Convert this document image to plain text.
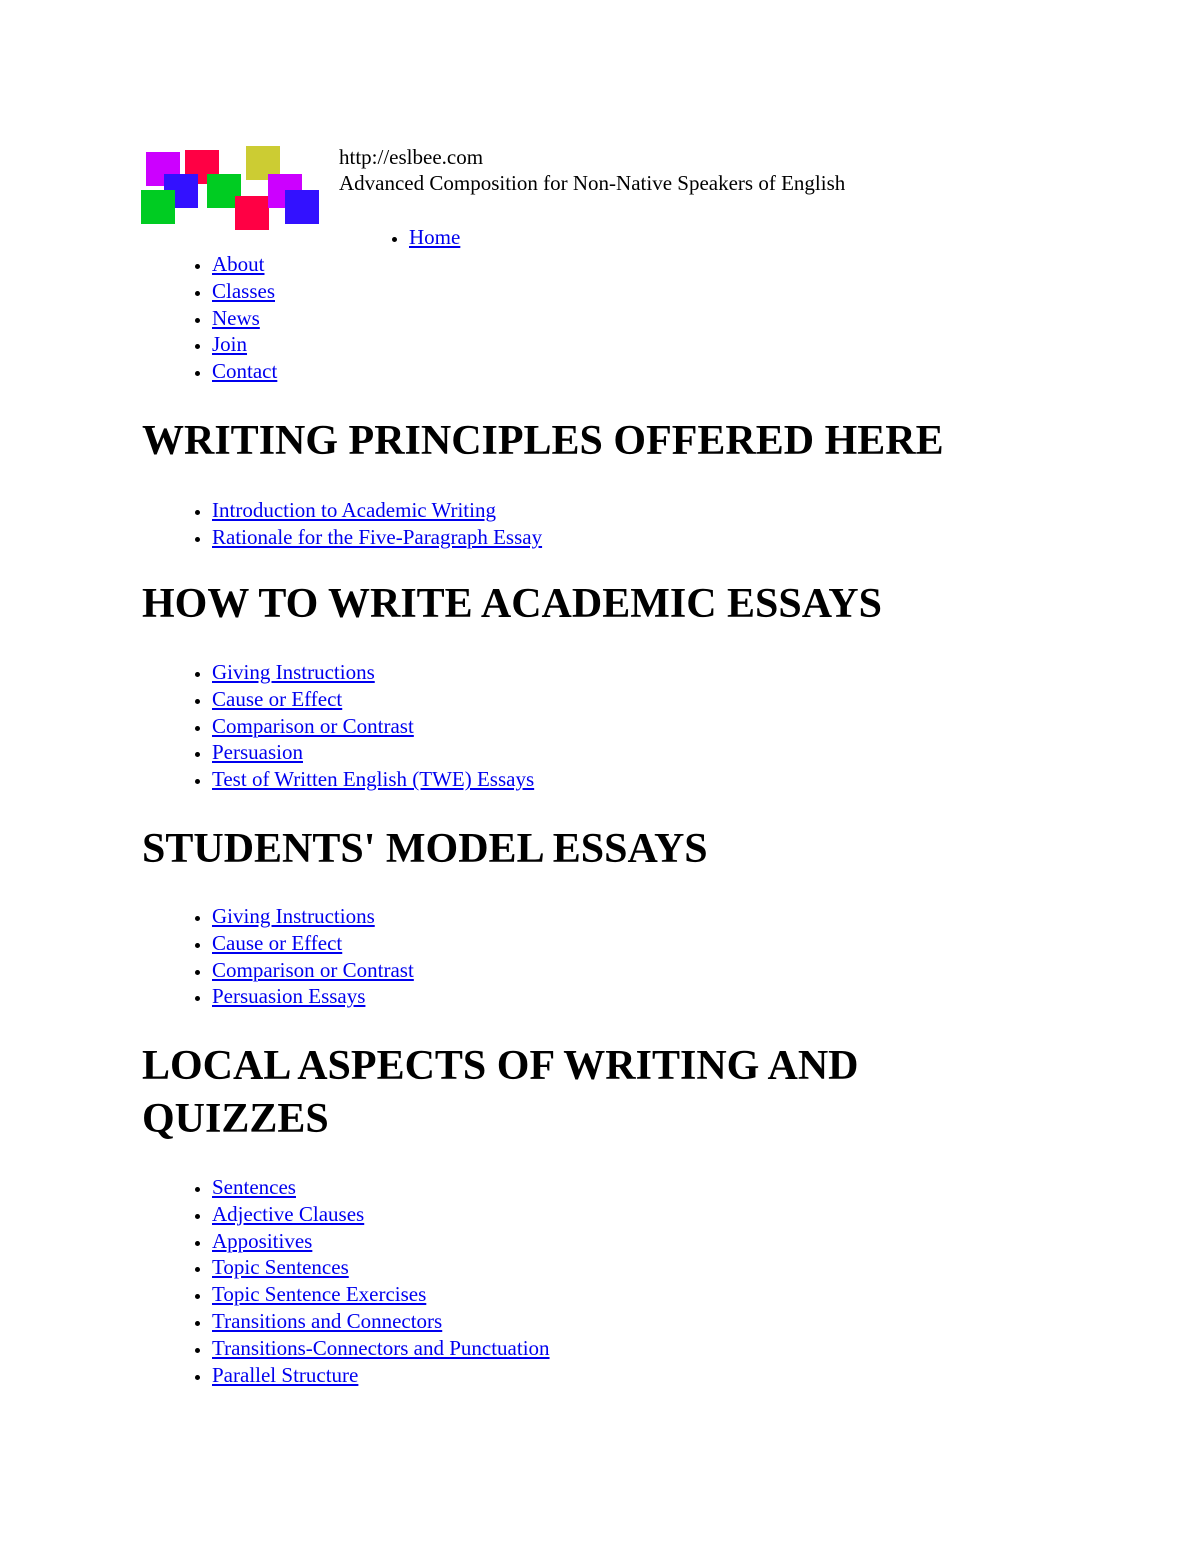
http://eslbee.com
Advanced Composition for Non-Native Speakers of English
• Home
• About
• Classes
• News
• Join
• Contact
WRITING PRINCIPLES OFFERED HERE
• Introduction to Academic Writing
• Rationale for the Five-Paragraph Essay
HOW TO WRITE ACADEMIC ESSAYS
• Giving Instructions
• Cause or Effect
• Comparison or Contrast
• Persuasion
• Test of Written English (TWE) Essays
STUDENTS' MODEL ESSAYS
• Giving Instructions
• Cause or Effect
• Comparison or Contrast
• Persuasion Essays
LOCAL ASPECTS OF WRITING AND
QUIZZES
• Sentences
• Adjective Clauses
• Appositives
• Topic Sentences
• Topic Sentence Exercises
• Transitions and Connectors
• Transitions-Connectors and Punctuation
• Parallel Structure
